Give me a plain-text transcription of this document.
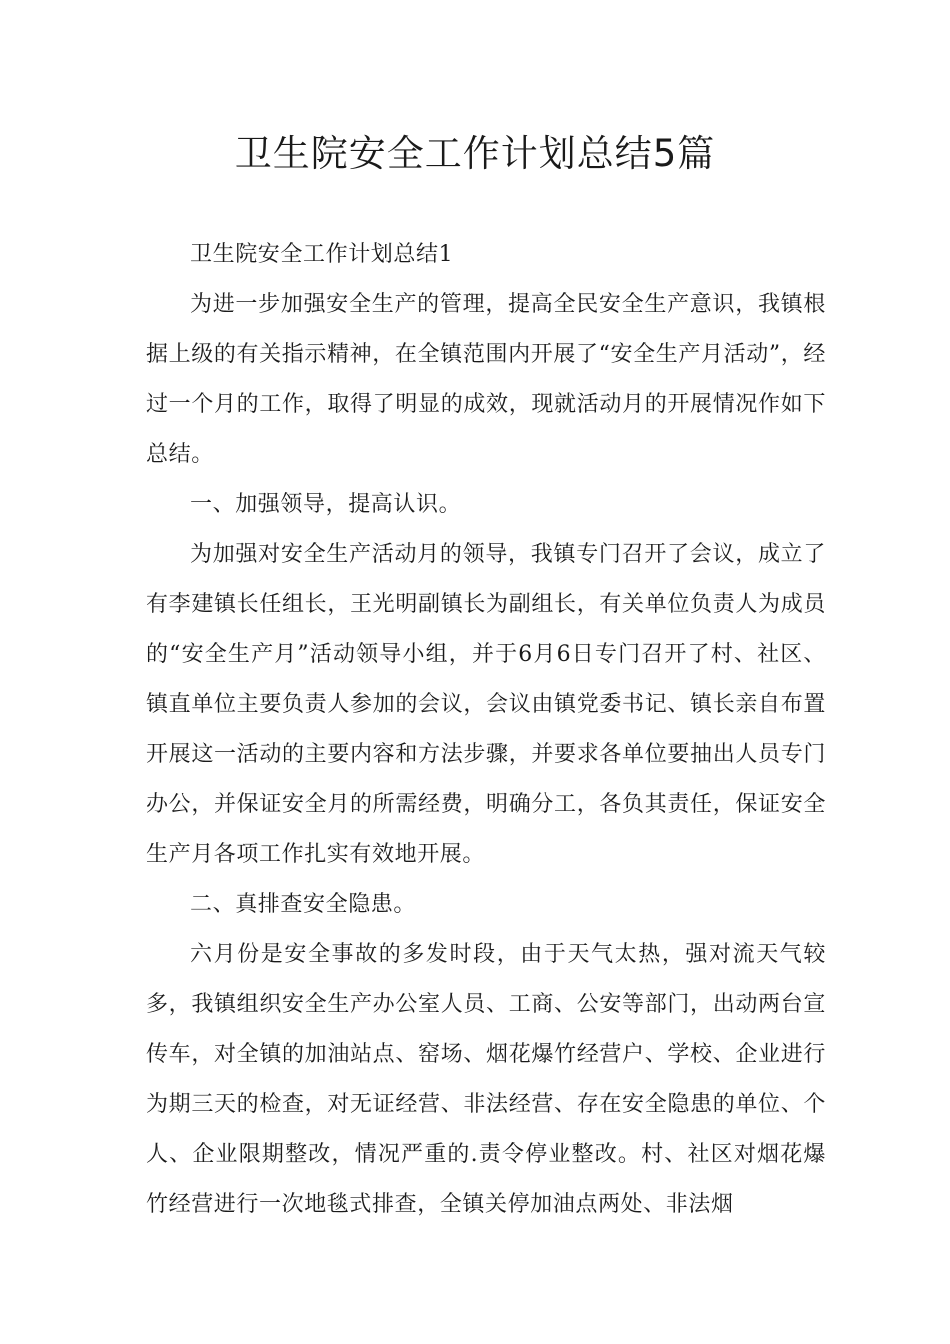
卫生院安全工作计划总结5篇

卫生院安全工作计划总结1

为进一步加强安全生产的管理，提高全民安全生产意识，我镇根据上级的有关指示精神，在全镇范围内开展了“安全生产月活动”，经过一个月的工作，取得了明显的成效，现就活动月的开展情况作如下总结。

一、加强领导，提高认识。

为加强对安全生产活动月的领导，我镇专门召开了会议，成立了有李建镇长任组长，王光明副镇长为副组长，有关单位负责人为成员的“安全生产月”活动领导小组，并于6月6日专门召开了村、社区、镇直单位主要负责人参加的会议，会议由镇党委书记、镇长亲自布置开展这一活动的主要内容和方法步骤，并要求各单位要抽出人员专门办公，并保证安全月的所需经费，明确分工，各负其责任，保证安全生产月各项工作扎实有效地开展。

二、真排查安全隐患。

六月份是安全事故的多发时段，由于天气太热，强对流天气较多，我镇组织安全生产办公室人员、工商、公安等部门，出动两台宣传车，对全镇的加油站点、窑场、烟花爆竹经营户、学校、企业进行为期三天的检查，对无证经营、非法经营、存在安全隐患的单位、个人、企业限期整改，情况严重的.责令停业整改。村、社区对烟花爆竹经营进行一次地毯式排查，全镇关停加油点两处、非法烟
